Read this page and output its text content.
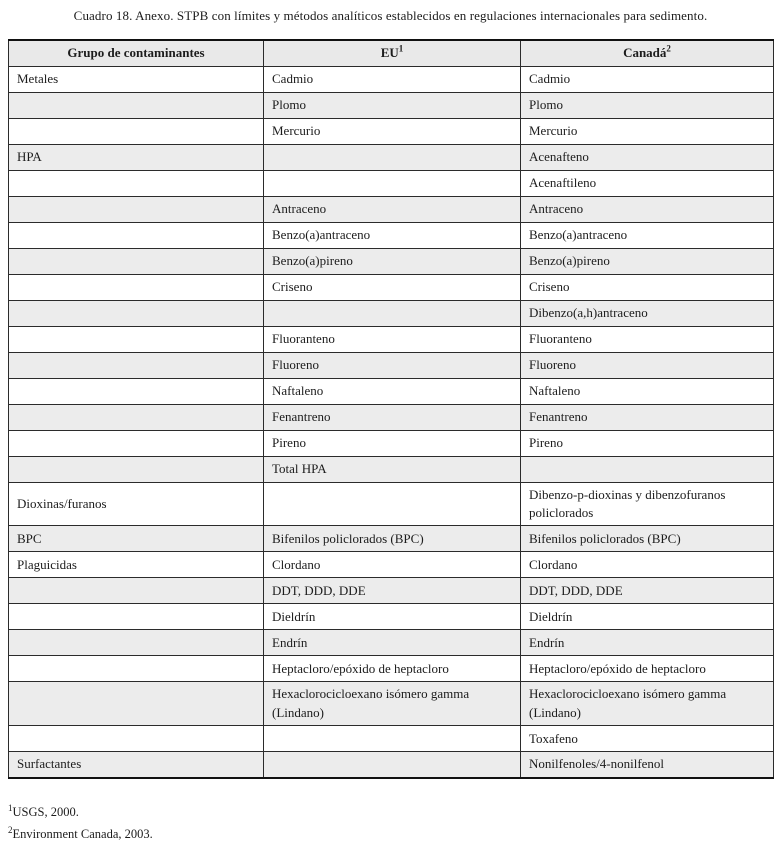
Cuadro 18. Anexo. STPB con límites y métodos analíticos establecidos en regulaciones internacionales para sedimento.
Grupo de contaminantes	EU$^1$	Canadá$^2$
Metales	Cadmio	Cadmio
	Plomo	Plomo
	Mercurio	Mercurio
HPA		Acenafteno
		Acenaftileno
	Antraceno	Antraceno
	Benzo(a)antraceno	Benzo(a)antraceno
	Benzo(a)pireno	Benzo(a)pireno
	Criseno	Criseno
		Dibenzo(a,h)antraceno
	Fluoranteno	Fluoranteno
	Fluoreno	Fluoreno
	Naftaleno	Naftaleno
	Fenantreno	Fenantreno
	Pireno	Pireno
	Total HPA	
Dioxinas/furanos		Dibenzo-p-dioxinas y dibenzofuranos policlorados
BPC	Bifenilos policlorados (BPC)	Bifenilos policlorados (BPC)
Plaguicidas	Clordano	Clordano
	DDT, DDD, DDE	DDT, DDD, DDE
	Dieldrín	Dieldrín
	Endrín	Endrín
	Heptacloro/epóxido de heptacloro	Heptacloro/epóxido de heptacloro
	Hexaclorocicloexano isómero gamma (Lindano)	Hexaclorocicloexano isómero gamma (Lindano)
		Toxafeno
Surfactantes		Nonilfenoles/4-nonilfenol
$^1$USGS, 2000.
$^2$Environment Canada, 2003.
